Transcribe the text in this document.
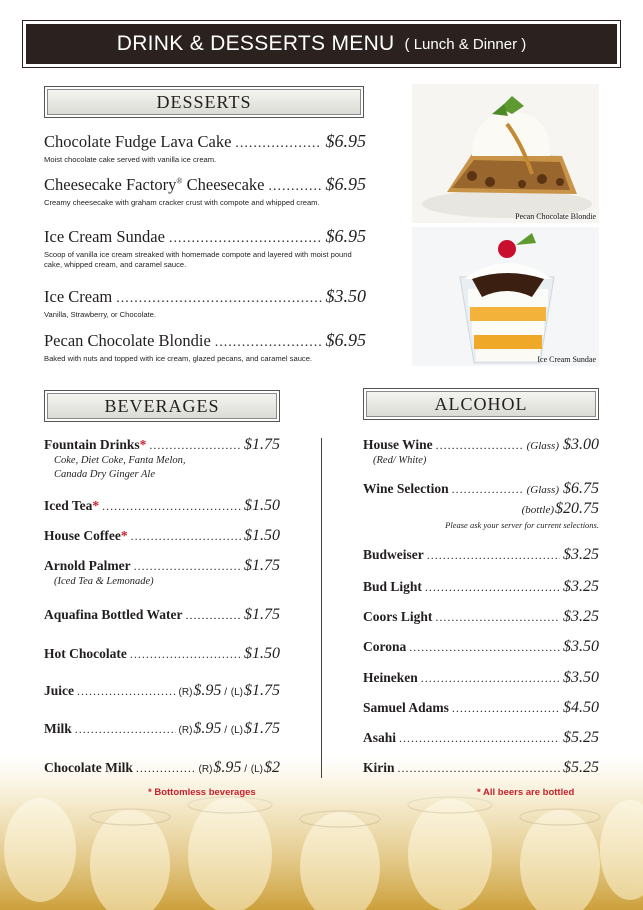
DRINK & DESSERTS MENU ( Lunch & Dinner )
DESSERTS
Chocolate Fudge Lava Cake .....	$6.95
Moist chocolate cake served with vanilla ice cream.
Cheesecake Factory® Cheesecake .....	$6.95
Creamy cheesecake with graham cracker crust with compote and whipped cream.
Ice Cream Sundae .....	$6.95
Scoop of vanilla ice cream streaked with homemade compote and layered with moist pound cake, whipped cream, and caramel sauce.
Ice Cream .....	$3.50
Vanilla, Strawberry, or Chocolate.
Pecan Chocolate Blondie .....	$6.95
Baked with nuts and topped with ice cream, glazed pecans, and caramel sauce.
Pecan Chocolate Blondie
Ice Cream Sundae
BEVERAGES
Fountain Drinks* .....	$1.75
Coke, Diet Coke, Fanta Melon,
Canada Dry Ginger Ale
Iced Tea* .....	$1.50
House Coffee* .....	$1.50
Arnold Palmer .....	$1.75
(Iced Tea & Lemonade)
Aquafina Bottled Water .....	$1.75
Hot Chocolate .....	$1.50
Juice .....	(R) $.95 / (L) $1.75
Milk .....	(R) $.95 / (L) $1.75
Chocolate Milk .....	(R) $.95 / (L) $2
* Bottomless beverages
ALCOHOL
House Wine .....	(Glass) $3.00
(Red/ White)
Wine Selection .....	(Glass) $6.75
(bottle) $20.75
Please ask your server for current selections.
Budweiser .....	$3.25
Bud Light .....	$3.25
Coors Light .....	$3.25
Corona .....	$3.50
Heineken .....	$3.50
Samuel Adams .....	$4.50
Asahi .....	$5.25
Kirin .....	$5.25
* All beers are bottled
